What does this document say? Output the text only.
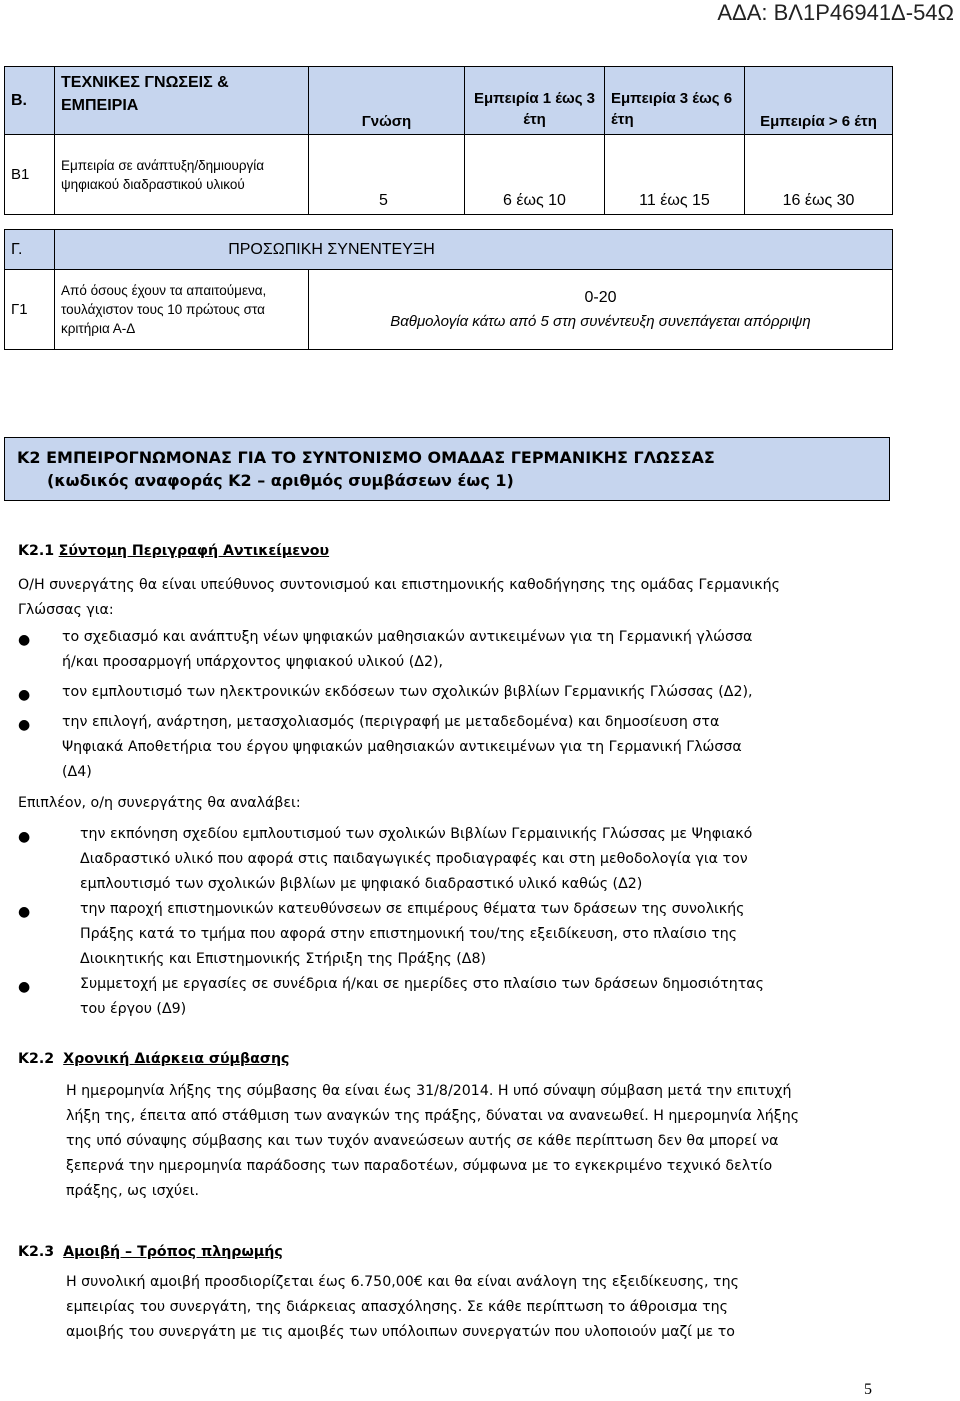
ΑΔΑ: ΒΛ1Ρ46941Δ-54Ω
Β.	ΤΕΧΝΙΚΕΣ ΓΝΩΣΕΙΣ & ΕΜΠΕΙΡΙΑ	Γνώση	Εμπειρία 1 έως 3 έτη	Εμπειρία 3 έως 6 έτη	Εμπειρία > 6 έτη
Β1	Εμπειρία σε ανάπτυξη/δημιουργία ψηφιακού διαδραστικού υλικού	5	6 έως 10	11 έως 15	16 έως 30
Γ.	ΠΡΟΣΩΠΙΚΗ ΣΥΝΕΝΤΕΥΞΗ	
Γ1	Από όσους έχουν τα απαιτούμενα, τουλάχιστον τους 10 πρώτους στα κριτήρια Α-Δ	0-20
Βαθμολογία κάτω από 5 στη συνέντευξη συνεπάγεται απόρριψη
Κ2 ΕΜΠΕΙΡΟΓΝΩΜΟΝΑΣ ΓΙΑ ΤΟ ΣΥΝΤΟΝΙΣΜΟ ΟΜΑΔΑΣ ΓΕΡΜΑΝΙΚΗΣ ΓΛΩΣΣΑΣ
(κωδικός αναφοράς Κ2 – αριθμός συμβάσεων έως 1)
Κ2.1 Σύντομη Περιγραφή Αντικείμενου
Ο/Η συνεργάτης θα είναι υπεύθυνος συντονισμού και επιστημονικής καθοδήγησης της ομάδας Γερμανικής
Γλώσσας για:
● το σχεδιασμό και ανάπτυξη νέων ψηφιακών μαθησιακών αντικειμένων για τη Γερμανική γλώσσα
ή/και προσαρμογή υπάρχοντος ψηφιακού υλικού (Δ2),
● τον εμπλουτισμό των ηλεκτρονικών εκδόσεων των σχολικών βιβλίων Γερμανικής Γλώσσας (Δ2),
● την επιλογή, ανάρτηση, μετασχολιασμός (περιγραφή με μεταδεδομένα) και δημοσίευση στα
Ψηφιακά Αποθετήρια του έργου ψηφιακών μαθησιακών αντικειμένων για τη Γερμανική Γλώσσα
(Δ4)
Επιπλέον, ο/η συνεργάτης θα αναλάβει:
●	την εκπόνηση σχεδίου εμπλουτισμού των σχολικών Βιβλίων Γερμαινικής Γλώσσας με Ψηφιακό
Διαδραστικό υλικό που αφορά στις παιδαγωγικές προδιαγραφές και στη μεθοδολογία για τον
εμπλουτισμό των σχολικών βιβλίων με ψηφιακό διαδραστικό υλικό καθώς (Δ2)
●	την παροχή επιστημονικών κατευθύνσεων σε επιμέρους θέματα των δράσεων της συνολικής
Πράξης κατά το τμήμα που αφορά στην επιστημονική του/της εξειδίκευση, στο πλαίσιο της
Διοικητικής και Επιστημονικής Στήριξη της Πράξης (Δ8)
●	Συμμετοχή με εργασίες σε συνέδρια ή/και σε ημερίδες στο πλαίσιο των δράσεων δημοσιότητας
του έργου (Δ9)
Κ2.2 Χρονική Διάρκεια σύμβασης
Η ημερομηνία λήξης της σύμβασης θα είναι έως 31/8/2014. Η υπό σύναψη σύμβαση μετά την επιτυχή
λήξη της, έπειτα από στάθμιση των αναγκών της πράξης, δύναται να ανανεωθεί. Η ημερομηνία λήξης
της υπό σύναψης σύμβασης και των τυχόν ανανεώσεων αυτής σε κάθε περίπτωση δεν θα μπορεί να
ξεπερνά την ημερομηνία παράδοσης των παραδοτέων, σύμφωνα με το εγκεκριμένο τεχνικό δελτίο
πράξης, ως ισχύει.
Κ2.3 Αμοιβή – Τρόπος πληρωμής
Η συνολική αμοιβή προσδιορίζεται έως 6.750,00€ και θα είναι ανάλογη της εξειδίκευσης, της
εμπειρίας του συνεργάτη, της διάρκειας απασχόλησης. Σε κάθε περίπτωση το άθροισμα της
αμοιβής του συνεργάτη με τις αμοιβές των υπόλοιπων συνεργατών που υλοποιούν μαζί με το
5
